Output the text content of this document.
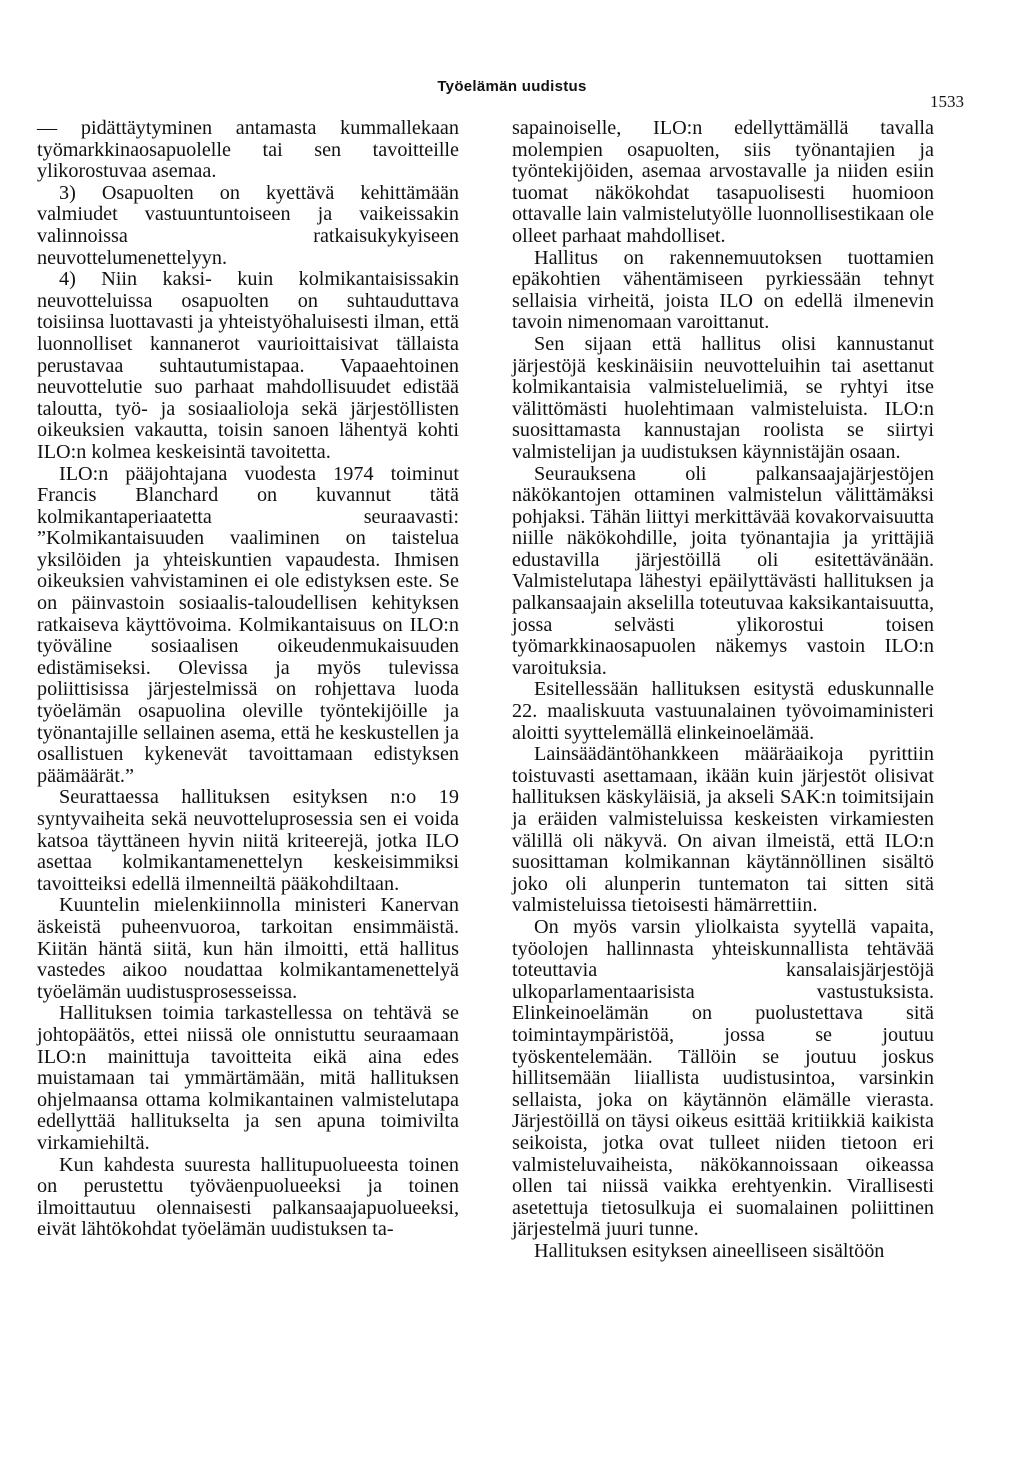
Työelämän uudistus
1533

— pidättäytyminen antamasta kummallekaan työmarkkinaosapuolelle tai sen tavoitteille ylikorostuvaa asemaa.

3) Osapuolten on kyettävä kehittämään valmiudet vastuuntuntoiseen ja vaikeissakin valinnoissa ratkaisukykyiseen neuvottelumenettelyyn.

4) Niin kaksi- kuin kolmikantaisissakin neuvotteluissa osapuolten on suhtauduttava toisiinsa luottavasti ja yhteistyöhaluisesti ilman, että luonnolliset kannanerot vaurioittaisivat tällaista perustavaa suhtautumistapaa. Vapaaehtoinen neuvottelutie suo parhaat mahdollisuudet edistää taloutta, työ- ja sosiaalioloja sekä järjestöllisten oikeuksien vakautta, toisin sanoen lähentyä kohti ILO:n kolmea keskeisintä tavoitetta.

ILO:n pääjohtajana vuodesta 1974 toiminut Francis Blanchard on kuvannut tätä kolmikantaperiaatetta seuraavasti: ”Kolmikantaisuuden vaaliminen on taistelua yksilöiden ja yhteiskuntien vapaudesta. Ihmisen oikeuksien vahvistaminen ei ole edistyksen este. Se on päinvastoin sosiaalis-taloudellisen kehityksen ratkaiseva käyttövoima. Kolmikantaisuus on ILO:n työväline sosiaalisen oikeudenmukaisuuden edistämiseksi. Olevissa ja myös tulevissa poliittisissa järjestelmissä on rohjettava luoda työelämän osapuolina oleville työntekijöille ja työnantajille sellainen asema, että he keskustellen ja osallistuen kykenevät tavoittamaan edistyksen päämäärät.”

Seurattaessa hallituksen esityksen n:o 19 syntyvaiheita sekä neuvotteluprosessia sen ei voida katsoa täyttäneen hyvin niitä kriteerejä, jotka ILO asettaa kolmikantamenettelyn keskeisimmiksi tavoitteiksi edellä ilmenneiltä pääkohdiltaan.

Kuuntelin mielenkiinnolla ministeri Kanervan äskeistä puheenvuoroa, tarkoitan ensimmäistä. Kiitän häntä siitä, kun hän ilmoitti, että hallitus vastedes aikoo noudattaa kolmikantamenettelyä työelämän uudistusprosesseissa.

Hallituksen toimia tarkastellessa on tehtävä se johtopäätös, ettei niissä ole onnistuttu seuraamaan ILO:n mainittuja tavoitteita eikä aina edes muistamaan tai ymmärtämään, mitä hallituksen ohjelmaansa ottama kolmikantainen valmistelutapa edellyttää hallitukselta ja sen apuna toimivilta virkamiehiltä.

Kun kahdesta suuresta hallitupuolueesta toinen on perustettu työväenpuolueeksi ja toinen ilmoittautuu olennaisesti palkansaajapuolueeksi, eivät lähtökohdat työelämän uudistuksen ta-

sapainoiselle, ILO:n edellyttämällä tavalla molempien osapuolten, siis työnantajien ja työntekijöiden, asemaa arvostavalle ja niiden esiin tuomat näkökohdat tasapuolisesti huomioon ottavalle lain valmistelutyölle luonnollisestikaan ole olleet parhaat mahdolliset.

Hallitus on rakennemuutoksen tuottamien epäkohtien vähentämiseen pyrkiessään tehnyt sellaisia virheitä, joista ILO on edellä ilmenevin tavoin nimenomaan varoittanut.

Sen sijaan että hallitus olisi kannustanut järjestöjä keskinäisiin neuvotteluihin tai asettanut kolmikantaisia valmisteluelimiä, se ryhtyi itse välittömästi huolehtimaan valmisteluista. ILO:n suosittamasta kannustajan roolista se siirtyi valmistelijan ja uudistuksen käynnistäjän osaan.

Seurauksena oli palkansaajajärjestöjen näkökantojen ottaminen valmistelun välittämäksi pohjaksi. Tähän liittyi merkittävää kovakorvaisuutta niille näkökohdille, joita työnantajia ja yrittäjiä edustavilla järjestöillä oli esitettävänään. Valmistelutapa lähestyi epäilyttävästi hallituksen ja palkansaajain akselilla toteutuvaa kaksikantaisuutta, jossa selvästi ylikorostui toisen työmarkkinaosapuolen näkemys vastoin ILO:n varoituksia.

Esitellessään hallituksen esitystä eduskunnalle 22. maaliskuuta vastuunalainen työvoimaministeri aloitti syyttelemällä elinkeinoelämää.

Lainsäädäntöhankkeen määräaikoja pyrittiin toistuvasti asettamaan, ikään kuin järjestöt olisivat hallituksen käskyläisiä, ja akseli SAK:n toimitsijain ja eräiden valmisteluissa keskeisten virkamiesten välillä oli näkyvä. On aivan ilmeistä, että ILO:n suosittaman kolmikannan käytännöllinen sisältö joko oli alunperin tuntematon tai sitten sitä valmisteluissa tietoisesti hämärrettiin.

On myös varsin yliolkaista syytellä vapaita, työolojen hallinnasta yhteiskunnallista tehtävää toteuttavia kansalaisjärjestöjä ulkoparlamentaarisista vastustuksista. Elinkeinoelämän on puolustettava sitä toimintaympäristöä, jossa se joutuu työskentelemään. Tällöin se joutuu joskus hillitsemään liiallista uudistusintoa, varsinkin sellaista, joka on käytännön elämälle vierasta. Järjestöillä on täysi oikeus esittää kritiikkiä kaikista seikoista, jotka ovat tulleet niiden tietoon eri valmisteluvaiheista, näkökannoissaan oikeassa ollen tai niissä vaikka erehtyenkin. Virallisesti asetettuja tietosulkuja ei suomalainen poliittinen järjestelmä juuri tunne.

Hallituksen esityksen aineelliseen sisältöön
